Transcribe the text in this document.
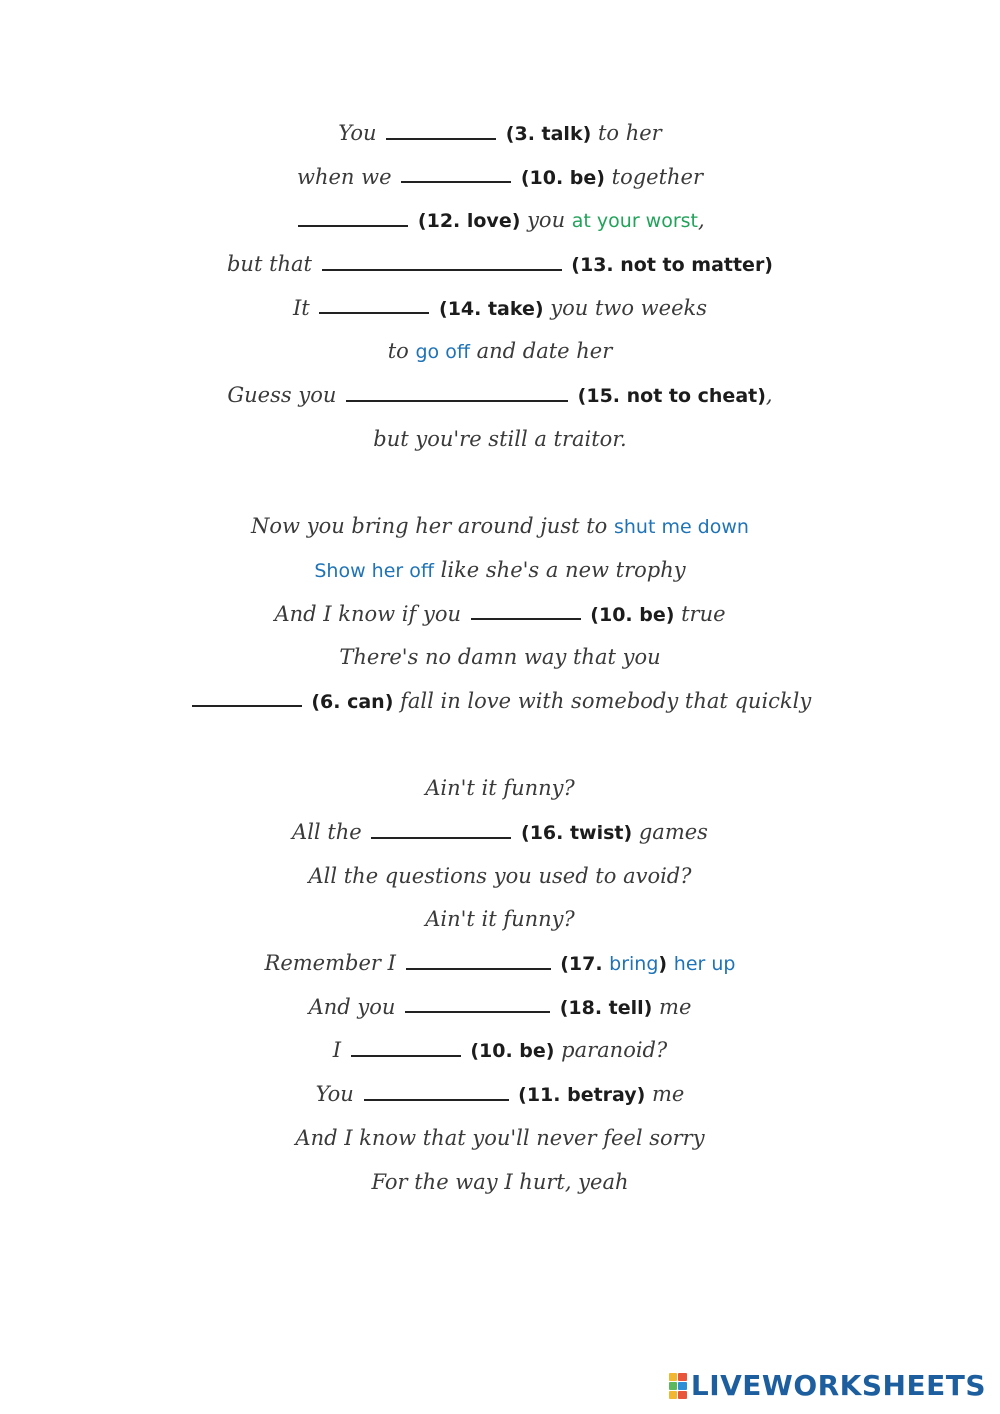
You	(3. talk) to her
when we	(10. be) together
(12. love) you at your worst,
but that	(13. not to matter)
It	(14. take) you two weeks
to go off and date her
Guess you	(15. not to cheat),
but you're still a traitor.
Now you bring her around just to shut me down
Show her off like she's a new trophy
And I know if you	(10. be) true
There's no damn way that you
(6. can) fall in love with somebody that quickly
Ain't it funny?
All the	(16. twist) games
All the questions you used to avoid?
Ain't it funny?
Remember I	(17. bring) her up
And you	(18. tell) me
I	(10. be) paranoid?
You	(11. betray) me
And I know that you'll never feel sorry
For the way I hurt, yeah
LIVEWORKSHEETS
